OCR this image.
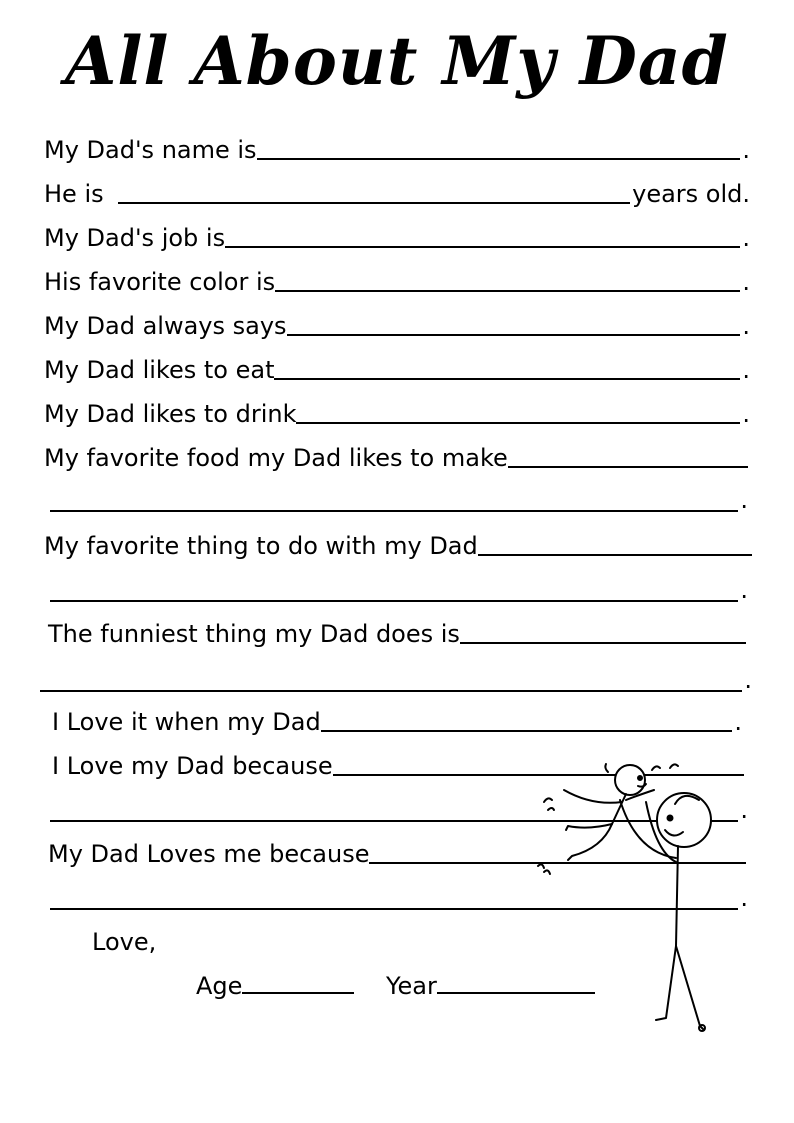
All About My Dad
My Dad's name is	.
He is	years old.
My Dad's job is	.
His favorite color is	.
My Dad always says	.
My Dad likes to eat	.
My Dad likes to drink	.
My favorite food my Dad likes to make
.
My favorite thing to do with my Dad
.
The funniest thing my Dad does is
.
I Love it when my Dad	.
I Love my Dad because
.
My Dad Loves me because
.
Love,
Age	Year
